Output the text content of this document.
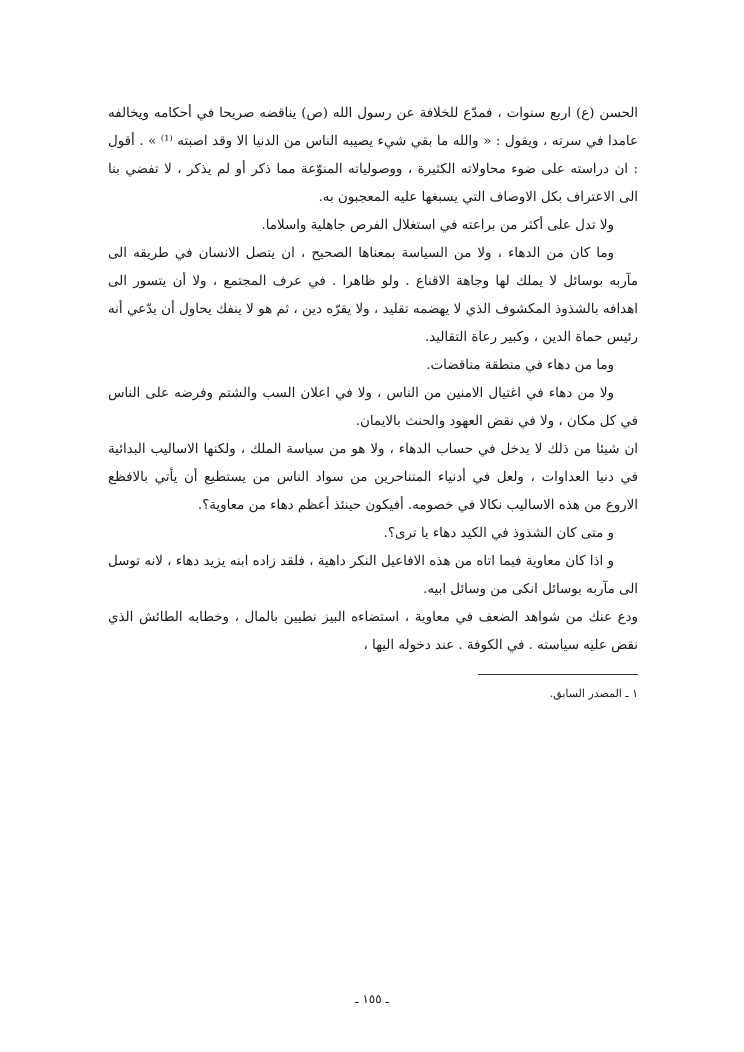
الحسن (ع) اربع سنوات ، فمدّع للخلافة عن رسول الله (ص) يناقضه صريحا في أحكامه ويخالفه عامدا في سرته ، ويقول : « والله ما بقي شيء يصيبه الناس من الدنيا الا وقد اصبته ⁽¹⁾ » . أقول : ان دراسته على ضوء محاولاته الكثيرة ، ووصولياته المنوّعة مما ذكر أو لم يذكر ، لا تفضي بنا الى الاعتراف بكل الاوصاف التي يسبغها عليه المعجبون به.

ولا تدل على أكثر من براعته في استغلال الفرص جاهلية واسلاما.

وما كان من الدهاء ، ولا من السياسة بمعناها الصحيح ، ان يتصل الانسان في طريقه الى مآربه بوسائل لا يملك لها وجاهة الاقناع . ولو ظاهرا . في عرف المجتمع ، ولا أن يتسور الى اهدافه بالشذوذ المكشوف الذي لا يهضمه تقليد ، ولا يقرّه دين ، ثم هو لا ينفك يحاول أن يدّعي أنه رئيس حماة الدين ، وكبير رعاة التقاليد.

وما من دهاء في منطقة مناقضات.

ولا من دهاء في اغتيال الامنين من الناس ، ولا في اعلان السب والشتم وفرضه على الناس في كل مكان ، ولا في نقض العهود والحنث بالايمان.

ان شيئا من ذلك لا يدخل في حساب الدهاء ، ولا هو من سياسة الملك ، ولكنها الاساليب البدائية في دنيا العداوات ، ولعل في أدنياء المتناحرين من سواد الناس من يستطيع أن يأتي بالافظع الاروع من هذه الاساليب نكالا في خصومه. أفيكون حينئذ أعظم دهاء من معاوية؟.

و متى كان الشذوذ في الكيد دهاء يا ترى؟.

و اذا كان معاوية فيما اتاه من هذه الافاعيل النكر داهية ، فلقد زاده ابنه يزيد دهاء ، لانه توسل الى مآربه بوسائل انكى من وسائل ابيه.

ودع عنك من شواهد الضعف في معاوية ، استضاءه البيز نطيين بالمال ، وخطابه الطائش الذي نقض عليه سياسته . في الكوفة . عند دخوله اليها ،

١ ـ المصدر السابق.

ـ ١٥٥ ـ
